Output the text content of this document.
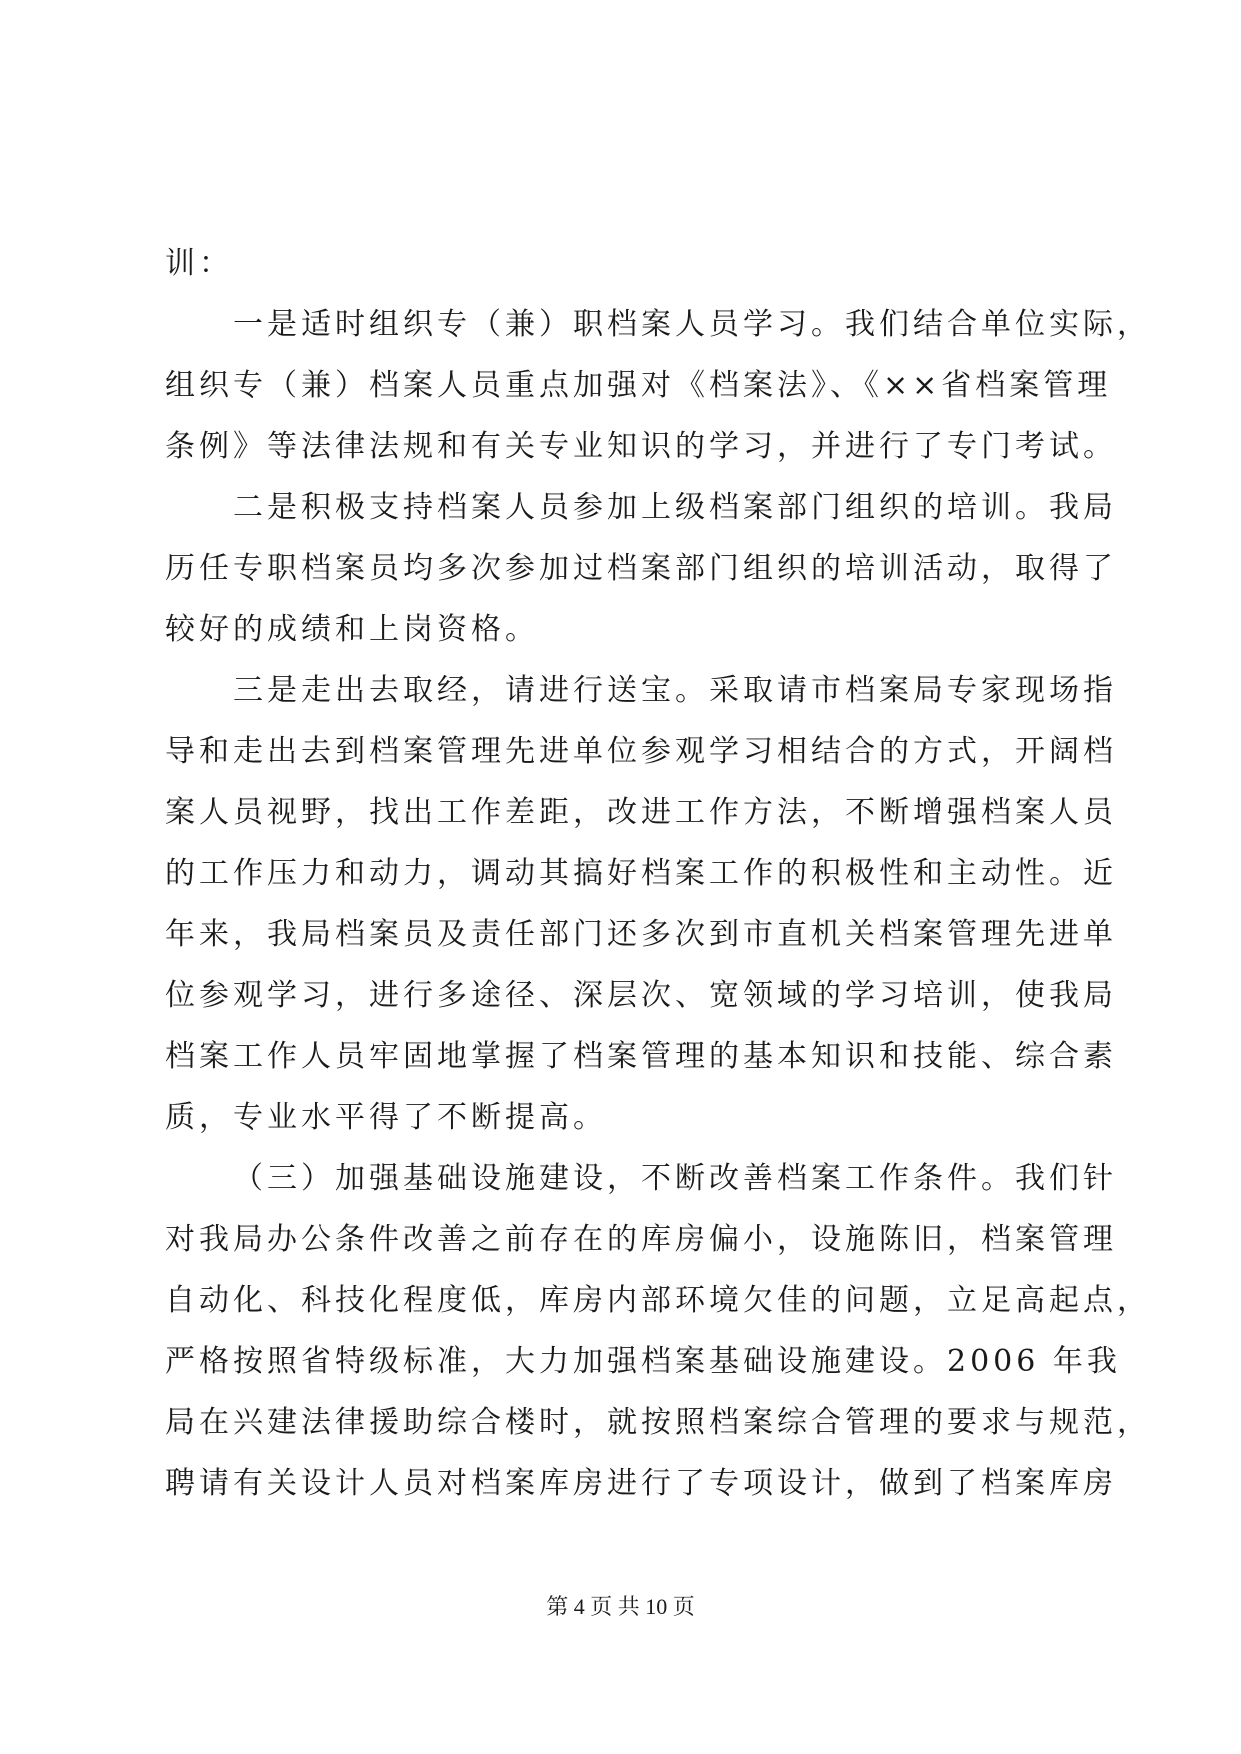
训：
一是适时组织专（兼）职档案人员学习。我们结合单位实际，
组织专（兼）档案人员重点加强对《档案法》、《××省档案管理
条例》等法律法规和有关专业知识的学习，并进行了专门考试。
二是积极支持档案人员参加上级档案部门组织的培训。我局
历任专职档案员均多次参加过档案部门组织的培训活动，取得了
较好的成绩和上岗资格。
三是走出去取经，请进行送宝。采取请市档案局专家现场指
导和走出去到档案管理先进单位参观学习相结合的方式，开阔档
案人员视野，找出工作差距，改进工作方法，不断增强档案人员
的工作压力和动力，调动其搞好档案工作的积极性和主动性。近
年来，我局档案员及责任部门还多次到市直机关档案管理先进单
位参观学习，进行多途径、深层次、宽领域的学习培训，使我局
档案工作人员牢固地掌握了档案管理的基本知识和技能、综合素
质，专业水平得了不断提高。
（三）加强基础设施建设，不断改善档案工作条件。我们针
对我局办公条件改善之前存在的库房偏小，设施陈旧，档案管理
自动化、科技化程度低，库房内部环境欠佳的问题，立足高起点，
严格按照省特级标准，大力加强档案基础设施建设。2006 年我
局在兴建法律援助综合楼时，就按照档案综合管理的要求与规范，
聘请有关设计人员对档案库房进行了专项设计，做到了档案库房
第 4 页 共 10 页
